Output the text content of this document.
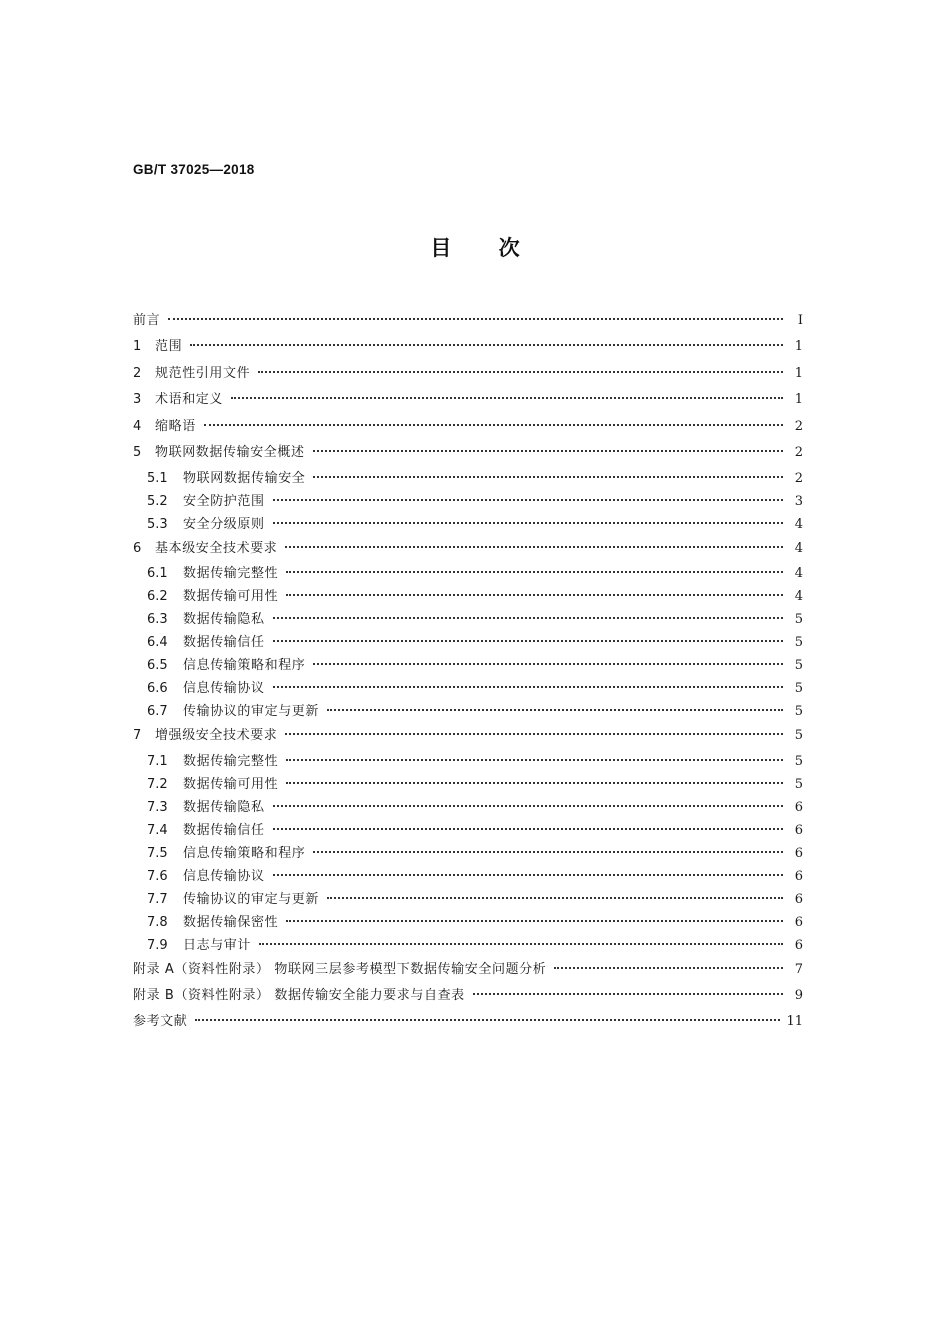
GB/T 37025—2018
目 次
前言	I
1	范围	1
2	规范性引用文件	1
3	术语和定义	1
4	缩略语	2
5	物联网数据传输安全概述	2
5.1	物联网数据传输安全	2
5.2	安全防护范围	3
5.3	安全分级原则	4
6	基本级安全技术要求	4
6.1	数据传输完整性	4
6.2	数据传输可用性	4
6.3	数据传输隐私	5
6.4	数据传输信任	5
6.5	信息传输策略和程序	5
6.6	信息传输协议	5
6.7	传输协议的审定与更新	5
7	增强级安全技术要求	5
7.1	数据传输完整性	5
7.2	数据传输可用性	5
7.3	数据传输隐私	6
7.4	数据传输信任	6
7.5	信息传输策略和程序	6
7.6	信息传输协议	6
7.7	传输协议的审定与更新	6
7.8	数据传输保密性	6
7.9	日志与审计	6
附录 A（资料性附录） 物联网三层参考模型下数据传输安全问题分析	7
附录 B（资料性附录） 数据传输安全能力要求与自查表	9
参考文献	11
